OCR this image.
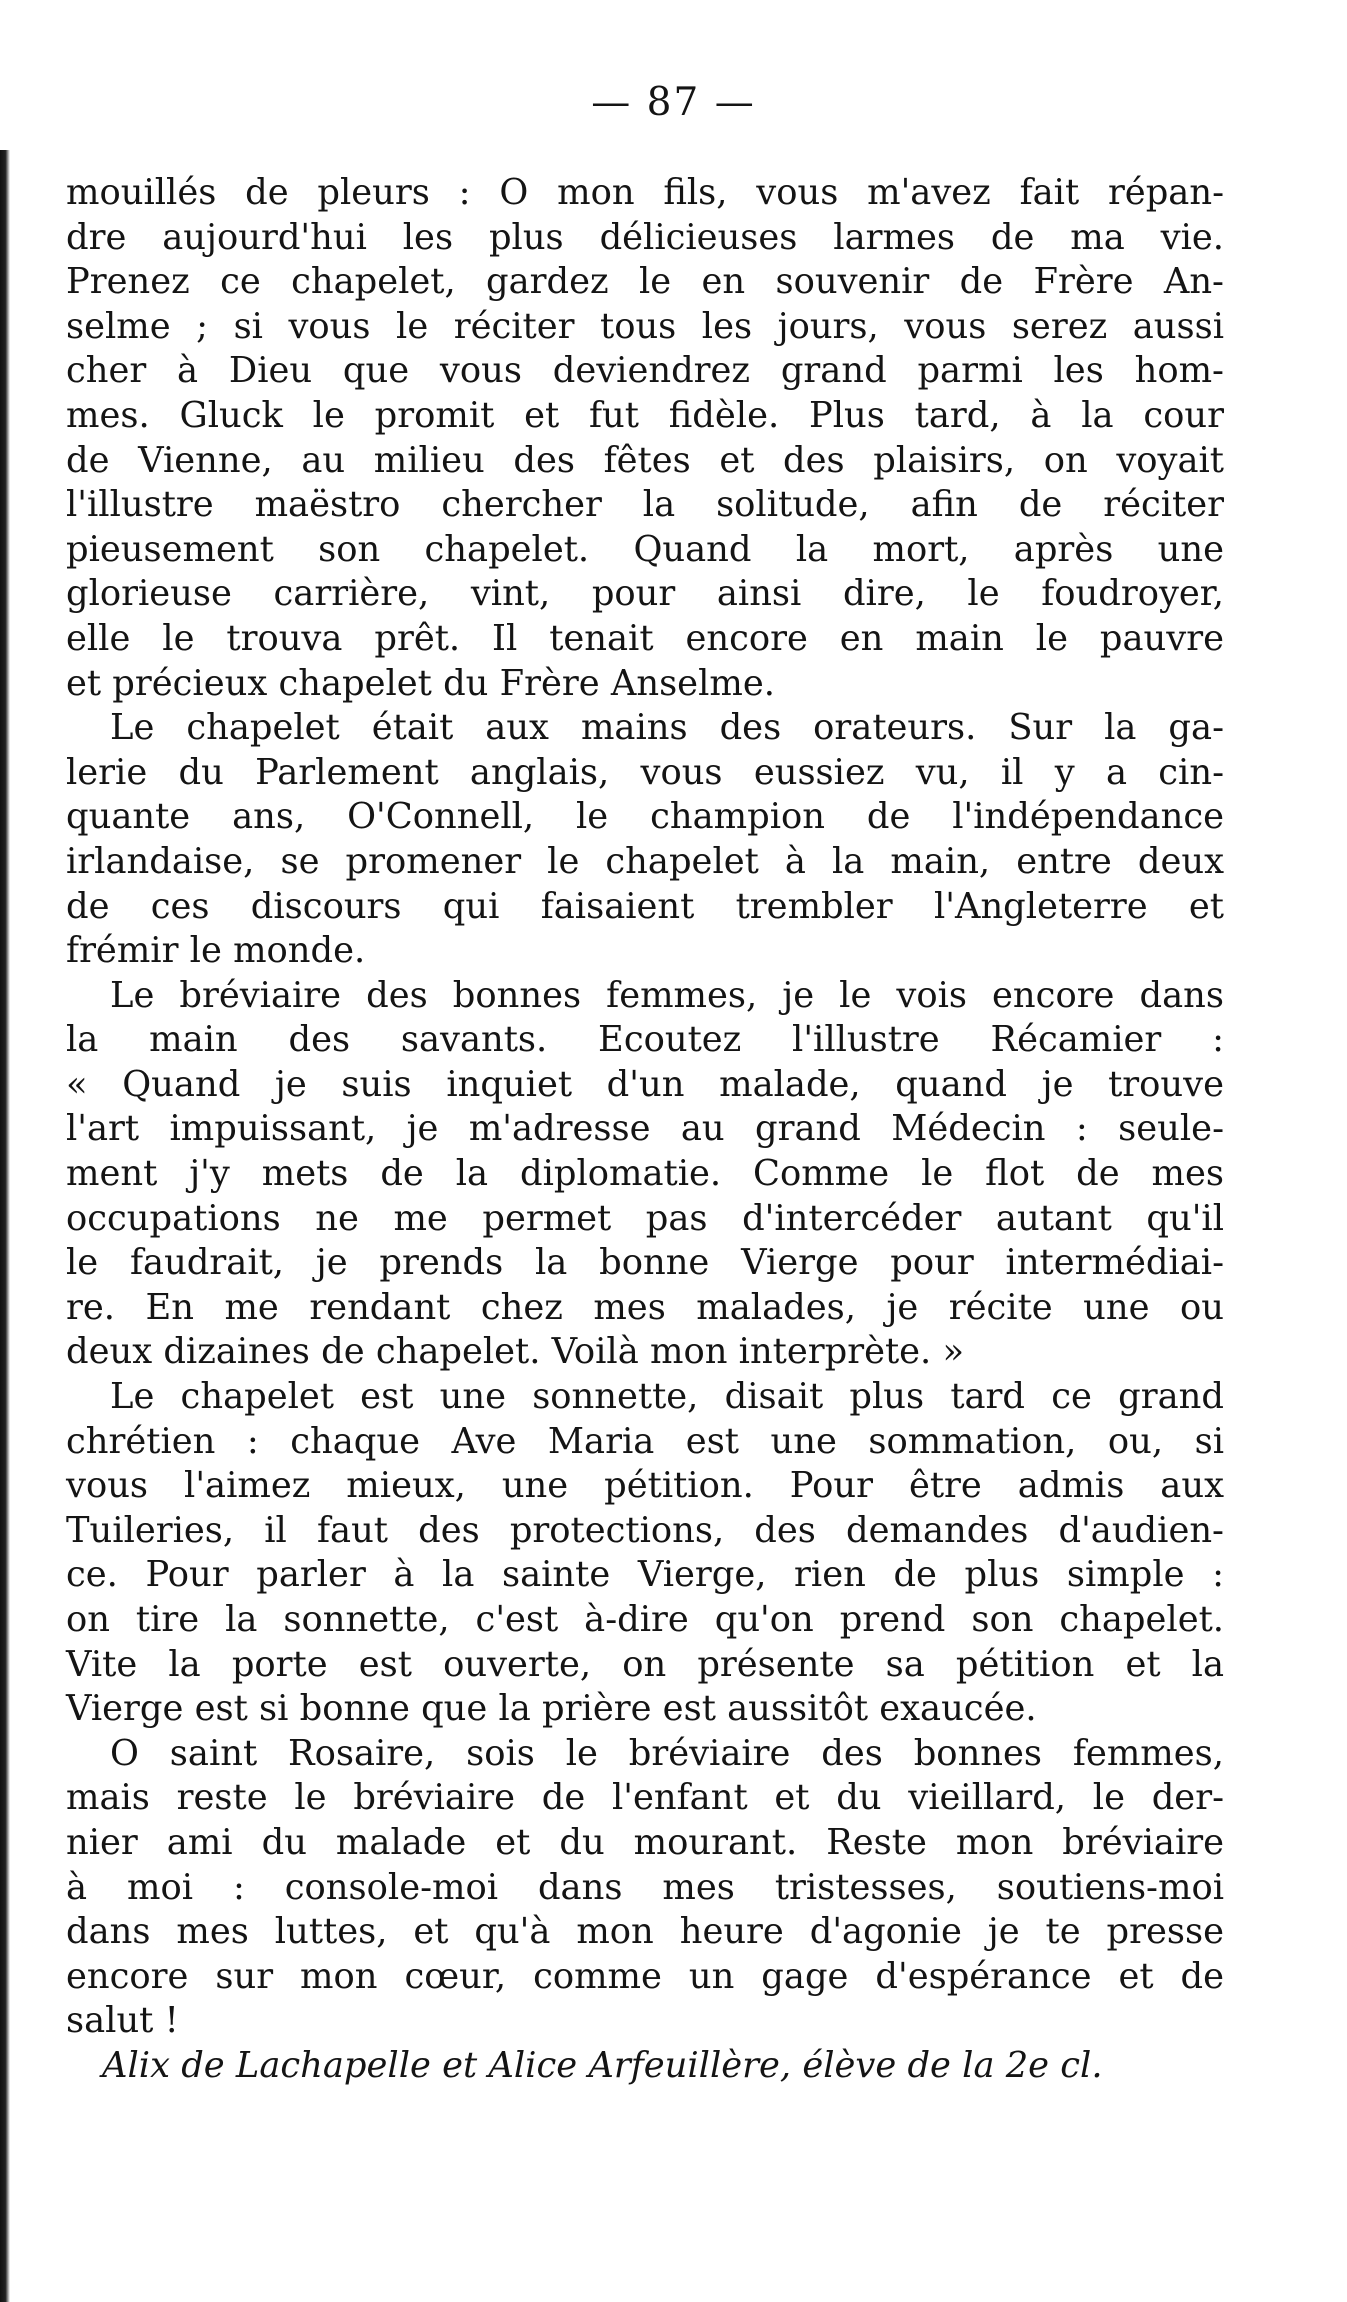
— 87 —
mouillés de pleurs : O mon fils, vous m'avez fait répan-
dre aujourd'hui les plus délicieuses larmes de ma vie.
Prenez ce chapelet, gardez le en souvenir de Frère An-
selme ; si vous le réciter tous les jours, vous serez aussi
cher à Dieu que vous deviendrez grand parmi les hom-
mes. Gluck le promit et fut fidèle. Plus tard, à la cour
de Vienne, au milieu des fêtes et des plaisirs, on voyait
l'illustre maëstro chercher la solitude, afin de réciter
pieusement son chapelet. Quand la mort, après une
glorieuse carrière, vint, pour ainsi dire, le foudroyer,
elle le trouva prêt. Il tenait encore en main le pauvre
et précieux chapelet du Frère Anselme.
Le chapelet était aux mains des orateurs. Sur la ga-
lerie du Parlement anglais, vous eussiez vu, il y a cin-
quante ans, O'Connell, le champion de l'indépendance
irlandaise, se promener le chapelet à la main, entre deux
de ces discours qui faisaient trembler l'Angleterre et
frémir le monde.
Le bréviaire des bonnes femmes, je le vois encore dans
la main des savants. Ecoutez l'illustre Récamier :
« Quand je suis inquiet d'un malade, quand je trouve
l'art impuissant, je m'adresse au grand Médecin : seule-
ment j'y mets de la diplomatie. Comme le flot de mes
occupations ne me permet pas d'intercéder autant qu'il
le faudrait, je prends la bonne Vierge pour intermédiai-
re. En me rendant chez mes malades, je récite une ou
deux dizaines de chapelet. Voilà mon interprète. »
Le chapelet est une sonnette, disait plus tard ce grand
chrétien : chaque Ave Maria est une sommation, ou, si
vous l'aimez mieux, une pétition. Pour être admis aux
Tuileries, il faut des protections, des demandes d'audien-
ce. Pour parler à la sainte Vierge, rien de plus simple :
on tire la sonnette, c'est à-dire qu'on prend son chapelet.
Vite la porte est ouverte, on présente sa pétition et la
Vierge est si bonne que la prière est aussitôt exaucée.
O saint Rosaire, sois le bréviaire des bonnes femmes,
mais reste le bréviaire de l'enfant et du vieillard, le der-
nier ami du malade et du mourant. Reste mon bréviaire
à moi : console-moi dans mes tristesses, soutiens-moi
dans mes luttes, et qu'à mon heure d'agonie je te presse
encore sur mon cœur, comme un gage d'espérance et de
salut !
Alix de Lachapelle et Alice Arfeuillère, élève de la 2e cl.
